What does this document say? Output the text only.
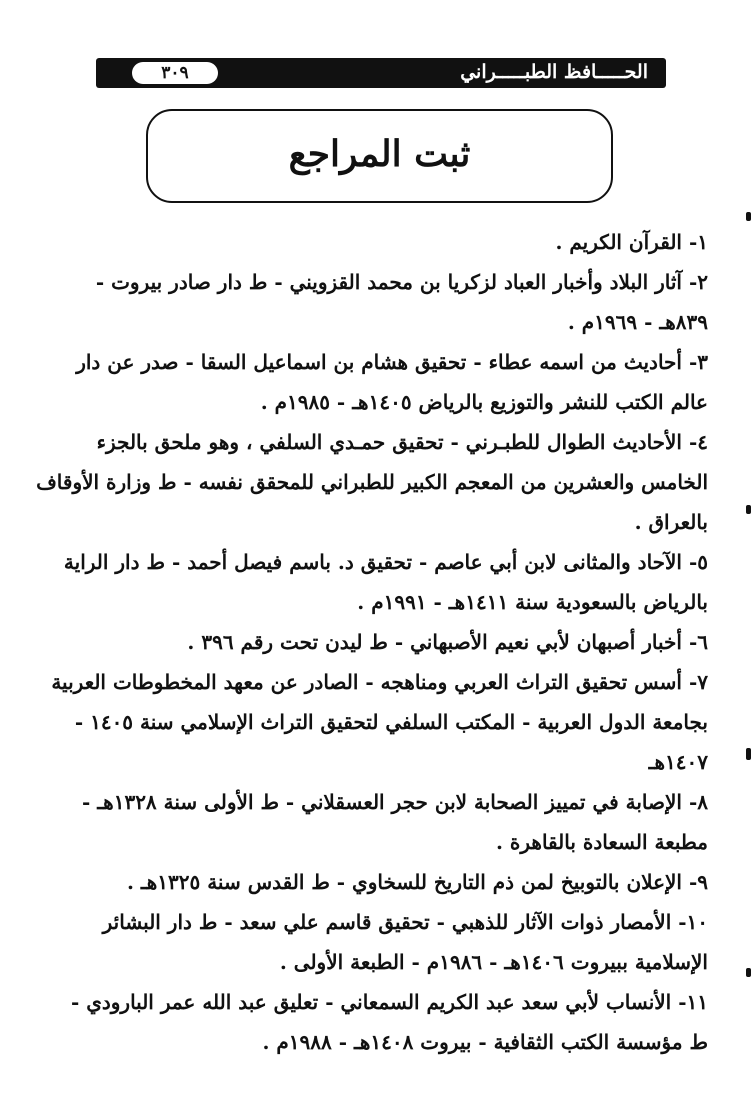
الحـــــافظ الطبـــــراني
٣٠٩
ثبت المراجع
١- القرآن الكريم .
٢- آثار البلاد وأخبار العباد لزكريا بن محمد القزويني - ط دار صادر بيروت -
٨٣٩هـ - ١٩٦٩م .
٣- أحاديث من اسمه عطاء - تحقيق هشام بن اسماعيل السقا - صدر عن دار
عالم الكتب للنشر والتوزيع بالرياض ١٤٠٥هـ - ١٩٨٥م .
٤- الأحاديث الطوال للطبـرني - تحقيق حمـدي السلفي ، وهو ملحق بالجزء
الخامس والعشرين من المعجم الكبير للطبراني للمحقق نفسه - ط وزارة الأوقاف
بالعراق .
٥- الآحاد والمثانى لابن أبي عاصم - تحقيق د. باسم فيصل أحمد - ط دار الراية
بالرياض بالسعودية سنة ١٤١١هـ - ١٩٩١م .
٦- أخبار أصبهان لأبي نعيم الأصبهاني - ط ليدن تحت رقم ٣٩٦ .
٧- أسس تحقيق التراث العربي ومناهجه - الصادر عن معهد المخطوطات العربية
بجامعة الدول العربية - المكتب السلفي لتحقيق التراث الإسلامي سنة ١٤٠٥ -
١٤٠٧هـ
٨- الإصابة في تمييز الصحابة لابن حجر العسقلاني - ط الأولى سنة ١٣٢٨هـ -
مطبعة السعادة بالقاهرة .
٩- الإعلان بالتوبيخ لمن ذم التاريخ للسخاوي - ط القدس سنة ١٣٢٥هـ .
١٠- الأمصار ذوات الآثار للذهبي - تحقيق قاسم علي سعد - ط دار البشائر
الإسلامية ببيروت ١٤٠٦هـ - ١٩٨٦م - الطبعة الأولى .
١١- الأنساب لأبي سعد عبد الكريم السمعاني - تعليق عبد الله عمر البارودي -
ط مؤسسة الكتب الثقافية - بيروت ١٤٠٨هـ - ١٩٨٨م .
